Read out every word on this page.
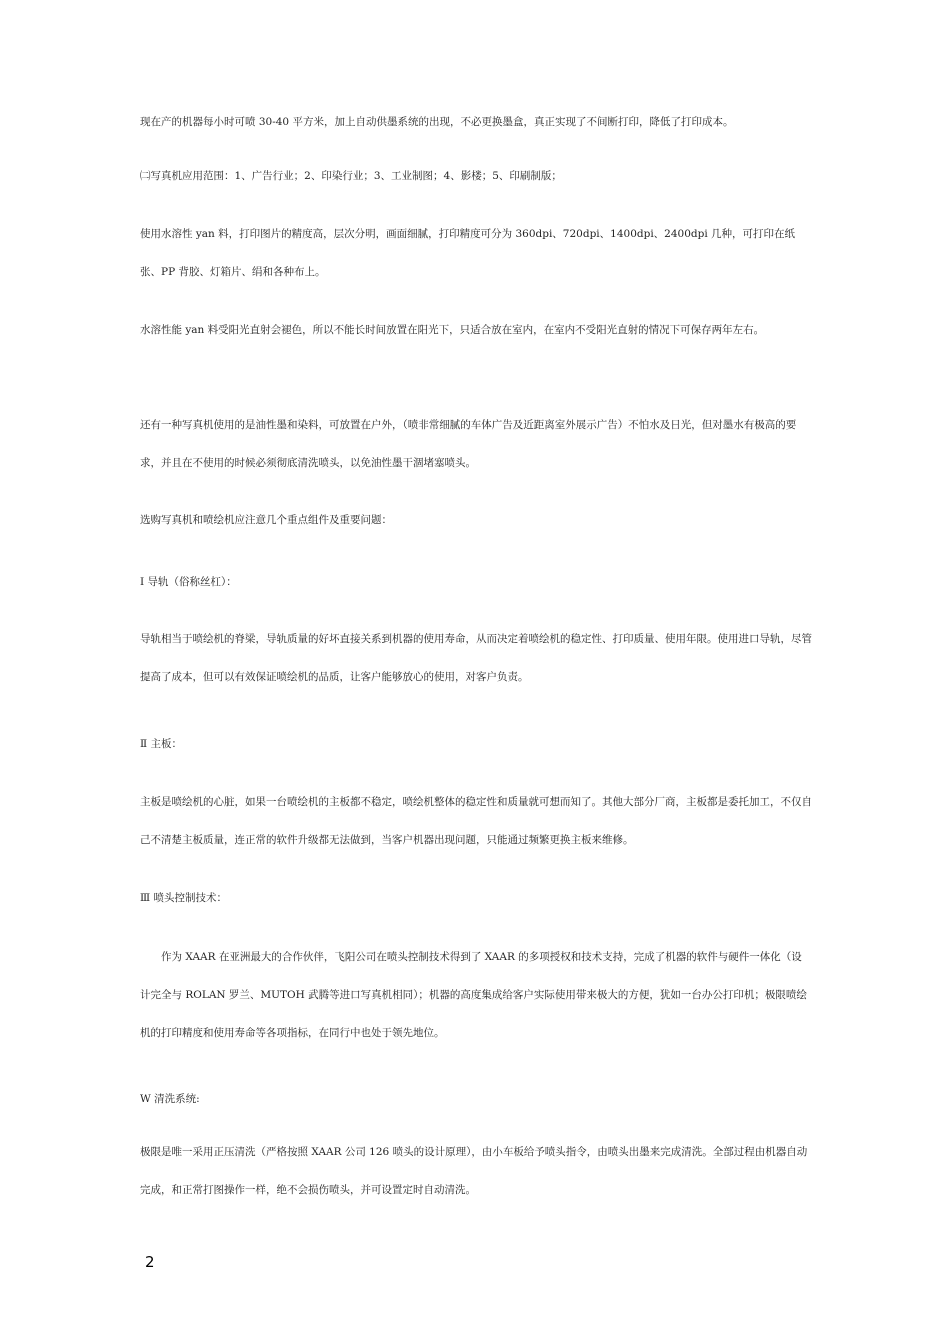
现在产的机器每小时可喷 30-40 平方米，加上自动供墨系统的出现，不必更换墨盒，真正实现了不间断打印，降低了打印成本。

㈡写真机应用范围：1、广告行业；2、印染行业；3、工业制图；4、影楼；5、印刷制版；

使用水溶性 yan 料，打印图片的精度高，层次分明，画面细腻，打印精度可分为 360dpi、720dpi、1400dpi、2400dpi 几种，可打印在纸张、PP 背胶、灯箱片、绢和各种布上。

水溶性能 yan 料受阳光直射会褪色，所以不能长时间放置在阳光下，只适合放在室内，在室内不受阳光直射的情况下可保存两年左右。

还有一种写真机使用的是油性墨和染料，可放置在户外，（喷非常细腻的车体广告及近距离室外展示广告）不怕水及日光，但对墨水有极高的要求，并且在不使用的时候必须彻底清洗喷头，以免油性墨干涸堵塞喷头。

选购写真机和喷绘机应注意几个重点组件及重要问题：

Ⅰ 导轨（俗称丝杠）：

导轨相当于喷绘机的脊梁，导轨质量的好坏直接关系到机器的使用寿命，从而决定着喷绘机的稳定性、打印质量、使用年限。使用进口导轨，尽管提高了成本，但可以有效保证喷绘机的品质，让客户能够放心的使用，对客户负责。

Ⅱ 主板：

主板是喷绘机的心脏，如果一台喷绘机的主板都不稳定，喷绘机整体的稳定性和质量就可想而知了。其他大部分厂商，主板都是委托加工，不仅自己不清楚主板质量，连正常的软件升级都无法做到，当客户机器出现问题，只能通过频繁更换主板来维修。

Ⅲ 喷头控制技术：

作为 XAAR 在亚洲最大的合作伙伴，飞阳公司在喷头控制技术得到了 XAAR 的多项授权和技术支持，完成了机器的软件与硬件一体化（设计完全与 ROLAN 罗兰、MUTOH 武腾等进口写真机相同）；机器的高度集成给客户实际使用带来极大的方便，犹如一台办公打印机；极限喷绘机的打印精度和使用寿命等各项指标，在同行中也处于领先地位。

W 清洗系统:

极限是唯一采用正压清洗（严格按照 XAAR 公司 126 喷头的设计原理），由小车板给予喷头指令，由喷头出墨来完成清洗。全部过程由机器自动完成，和正常打图操作一样，绝不会损伤喷头，并可设置定时自动清洗。

2
